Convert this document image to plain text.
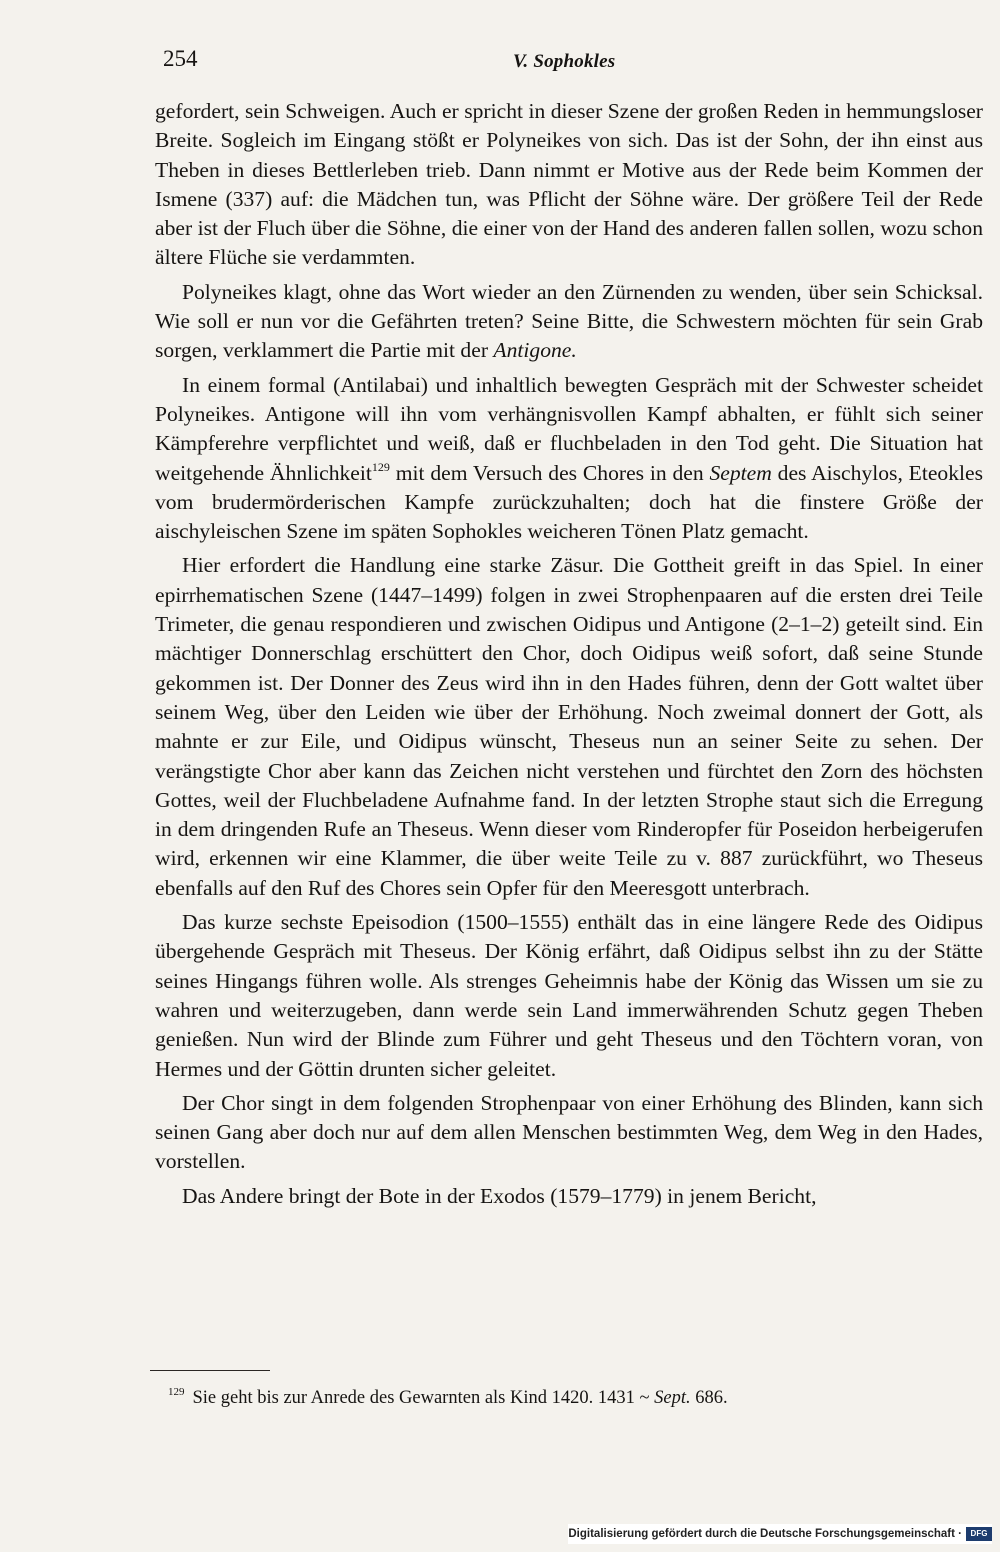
254	V. Sophokles

gefordert, sein Schweigen. Auch er spricht in dieser Szene der großen Reden in hemmungsloser Breite. Sogleich im Eingang stößt er Polyneikes von sich. Das ist der Sohn, der ihn einst aus Theben in dieses Bettlerleben trieb. Dann nimmt er Motive aus der Rede beim Kommen der Ismene (337) auf: die Mädchen tun, was Pflicht der Söhne wäre. Der größere Teil der Rede aber ist der Fluch über die Söhne, die einer von der Hand des anderen fallen sollen, wozu schon ältere Flüche sie verdammten.

Polyneikes klagt, ohne das Wort wieder an den Zürnenden zu wenden, über sein Schicksal. Wie soll er nun vor die Gefährten treten? Seine Bitte, die Schwestern möchten für sein Grab sorgen, verklammert die Partie mit der Antigone.

In einem formal (Antilabai) und inhaltlich bewegten Gespräch mit der Schwester scheidet Polyneikes. Antigone will ihn vom verhängnisvollen Kampf abhalten, er fühlt sich seiner Kämpferehre verpflichtet und weiß, daß er fluchbeladen in den Tod geht. Die Situation hat weitgehende Ähnlichkeit$^{129}$ mit dem Versuch des Chores in den Septem des Aischylos, Eteokles vom brudermörderischen Kampfe zurückzuhalten; doch hat die finstere Größe der aischyleischen Szene im späten Sophokles weicheren Tönen Platz gemacht.

Hier erfordert die Handlung eine starke Zäsur. Die Gottheit greift in das Spiel. In einer epirrhematischen Szene (1447–1499) folgen in zwei Strophenpaaren auf die ersten drei Teile Trimeter, die genau respondieren und zwischen Oidipus und Antigone (2–1–2) geteilt sind. Ein mächtiger Donnerschlag erschüttert den Chor, doch Oidipus weiß sofort, daß seine Stunde gekommen ist. Der Donner des Zeus wird ihn in den Hades führen, denn der Gott waltet über seinem Weg, über den Leiden wie über der Erhöhung. Noch zweimal donnert der Gott, als mahnte er zur Eile, und Oidipus wünscht, Theseus nun an seiner Seite zu sehen. Der verängstigte Chor aber kann das Zeichen nicht verstehen und fürchtet den Zorn des höchsten Gottes, weil der Fluchbeladene Aufnahme fand. In der letzten Strophe staut sich die Erregung in dem dringenden Rufe an Theseus. Wenn dieser vom Rinderopfer für Poseidon herbeigerufen wird, erkennen wir eine Klammer, die über weite Teile zu v. 887 zurückführt, wo Theseus ebenfalls auf den Ruf des Chores sein Opfer für den Meeresgott unterbrach.

Das kurze sechste Epeisodion (1500–1555) enthält das in eine längere Rede des Oidipus übergehende Gespräch mit Theseus. Der König erfährt, daß Oidipus selbst ihn zu der Stätte seines Hingangs führen wolle. Als strenges Geheimnis habe der König das Wissen um sie zu wahren und weiterzugeben, dann werde sein Land immerwährenden Schutz gegen Theben genießen. Nun wird der Blinde zum Führer und geht Theseus und den Töchtern voran, von Hermes und der Göttin drunten sicher geleitet.

Der Chor singt in dem folgenden Strophenpaar von einer Erhöhung des Blinden, kann sich seinen Gang aber doch nur auf dem allen Menschen bestimmten Weg, dem Weg in den Hades, vorstellen.

Das Andere bringt der Bote in der Exodos (1579–1779) in jenem Bericht,

$^{129}$ Sie geht bis zur Anrede des Gewarnten als Kind 1420. 1431 ~ Sept. 686.
Digitalisierung gefördert durch die Deutsche Forschungsgemeinschaft ·	DFG
